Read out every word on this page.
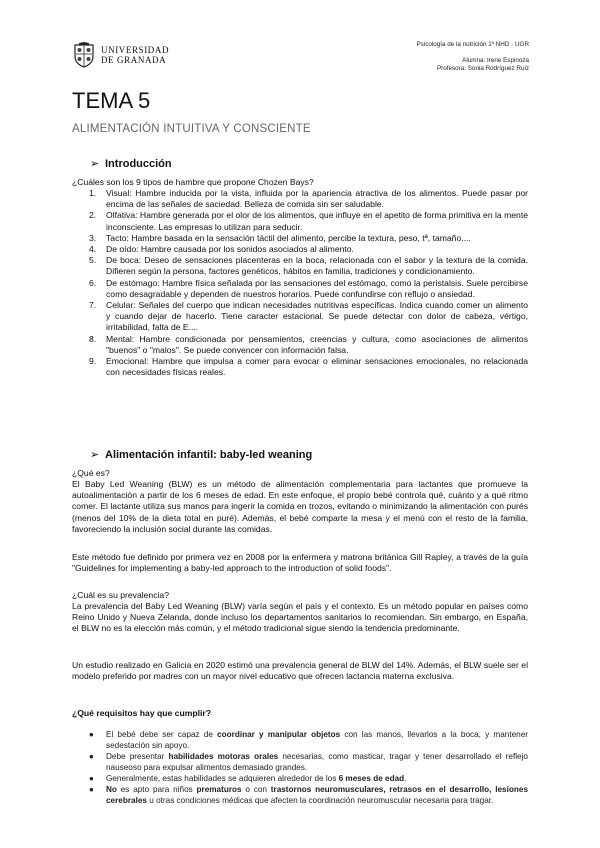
UNIVERSIDAD
DE GRANADA
Psicología de la nutrición 1º NHD · UGR
Alumna: Irene Espinoza
Profesora: Sonia Rodríguez Ruiz
TEMA 5
ALIMENTACIÓN INTUITIVA Y CONSCIENTE
➢ Introducción
¿Cuáles son los 9 tipos de hambre que propone Chozen Bays?
1. Visual: Hambre inducida por la vista, influida por la apariencia atractiva de los alimentos. Puede pasar por encima de las señales de saciedad. Belleza de comida sin ser saludable.
2. Olfativa: Hambre generada por el olor de los alimentos, que influye en el apetito de forma primitiva en la mente inconsciente. Las empresas lo utilizan para seducir.
3. Tacto: Hambre basada en la sensación táctil del alimento, percibe la textura, peso, tª, tamaño....
4. De oído: Hambre causada por los sonidos asociados al alimento.
5. De boca: Deseo de sensaciones placenteras en la boca, relacionada con el sabor y la textura de la comida. Difieren según la persona, factores genéticos, hábitos en familia, tradiciones y condicionamiento.
6. De estómago: Hambre física señalada por las sensaciones del estómago, como la peristalsis. Suele percibirse como desagradable y dependen de nuestros horarios. Puede confundirse con reflujo o ansiedad.
7. Celular: Señales del cuerpo que indican necesidades nutritivas específicas. Indica cuando comer un alimento y cuando dejar de hacerlo. Tiene caracter estacional. Se puede detectar con dolor de cabeza, vértigo, irritabilidad, falta de E....
8. Mental: Hambre condicionada por pensamientos, creencias y cultura, como asociaciones de alimentos "buenos" o "malos". Se puede convencer con información falsa.
9. Emocional: Hambre que impulsa a comer para evocar o eliminar sensaciones emocionales, no relacionada con necesidades físicas reales.
➢ Alimentación infantil: baby-led weaning
¿Qué es?
El Baby Led Weaning (BLW) es un método de alimentación complementaria para lactantes que promueve la autoalimentación a partir de los 6 meses de edad. En este enfoque, el propio bebé controla qué, cuánto y a qué ritmo comer. El lactante utiliza sus manos para ingerir la comida en trozos, evitando o minimizando la alimentación con purés (menos del 10% de la dieta total en puré). Además, el bebé comparte la mesa y el menú con el resto de la familia, favoreciendo la inclusión social durante las comidas.
Este método fue definido por primera vez en 2008 por la enfermera y matrona británica Gill Rapley, a través de la guía "Guidelines for implementing a baby-led approach to the introduction of solid foods".
¿Cuál es su prevalencia?
La prevalencia del Baby Led Weaning (BLW) varía según el país y el contexto. Es un método popular en países como Reino Unido y Nueva Zelanda, donde incluso los departamentos sanitarios lo recomiendan. Sin embargo, en España, el BLW no es la elección más común, y el método tradicional sigue siendo la tendencia predominante.
Un estudio realizado en Galicia en 2020 estimó una prevalencia general de BLW del 14%. Además, el BLW suele ser el modelo preferido por madres con un mayor nivel educativo que ofrecen lactancia materna exclusiva.
¿Qué requisitos hay que cumplir?
● El bebé debe ser capaz de coordinar y manipular objetos con las manos, llevarlos a la boca, y mantener sedestación sin apoyo.
● Debe presentar habilidades motoras orales necesarias, como masticar, tragar y tener desarrollado el reflejo nauseoso para expulsar alimentos demasiado grandes.
● Generalmente, estas habilidades se adquieren alrededor de los 6 meses de edad.
● No es apto para niños prematuros o con trastornos neuromusculares, retrasos en el desarrollo, lesiones cerebrales u otras condiciones médicas que afecten la coordinación neuromuscular necesaria para tragar.
